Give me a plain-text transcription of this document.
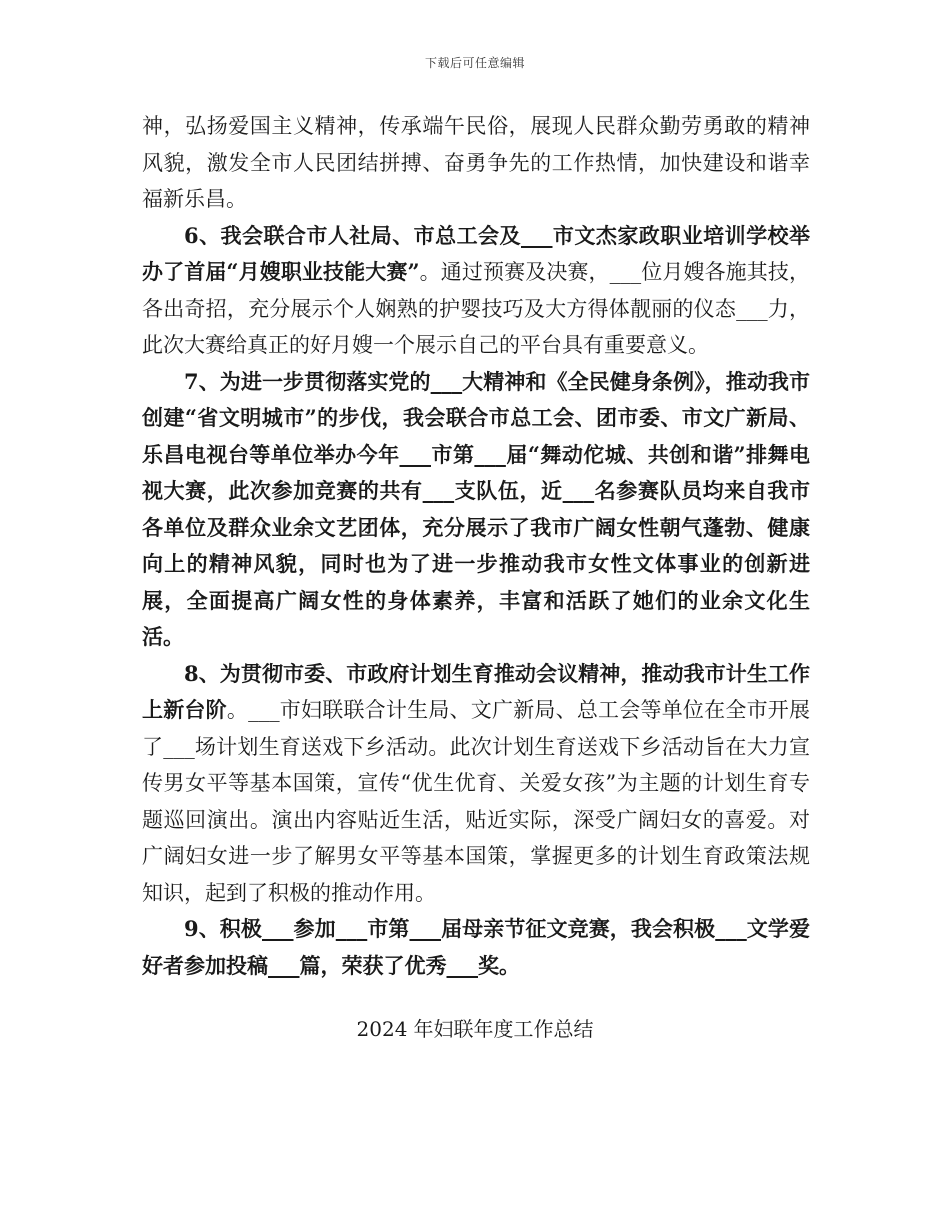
下载后可任意编辑

神，弘扬爱国主义精神，传承端午民俗，展现人民群众勤劳勇敢的精神风貌，激发全市人民团结拼搏、奋勇争先的工作热情，加快建设和谐幸福新乐昌。

6、我会联合市人社局、市总工会及___市文杰家政职业培训学校举办了首届“月嫂职业技能大赛”。通过预赛及决赛，___位月嫂各施其技，各出奇招，充分展示个人娴熟的护婴技巧及大方得体靓丽的仪态___力，此次大赛给真正的好月嫂一个展示自己的平台具有重要意义。

7、为进一步贯彻落实党的___大精神和《全民健身条例》，推动我市创建“省文明城市”的步伐，我会联合市总工会、团市委、市文广新局、乐昌电视台等单位举办今年___市第___届“舞动佗城、共创和谐”排舞电视大赛，此次参加竞赛的共有___支队伍，近___名参赛队员均来自我市各单位及群众业余文艺团体，充分展示了我市广阔女性朝气蓬勃、健康向上的精神风貌，同时也为了进一步推动我市女性文体事业的创新进展，全面提高广阔女性的身体素养，丰富和活跃了她们的业余文化生活。

8、为贯彻市委、市政府计划生育推动会议精神，推动我市计生工作上新台阶。___市妇联联合计生局、文广新局、总工会等单位在全市开展了___场计划生育送戏下乡活动。此次计划生育送戏下乡活动旨在大力宣传男女平等基本国策，宣传“优生优育、关爱女孩”为主题的计划生育专题巡回演出。演出内容贴近生活，贴近实际，深受广阔妇女的喜爱。对广阔妇女进一步了解男女平等基本国策，掌握更多的计划生育政策法规知识，起到了积极的推动作用。

9、积极___参加___市第___届母亲节征文竞赛，我会积极___文学爱好者参加投稿___篇，荣获了优秀___奖。

2024 年妇联年度工作总结
